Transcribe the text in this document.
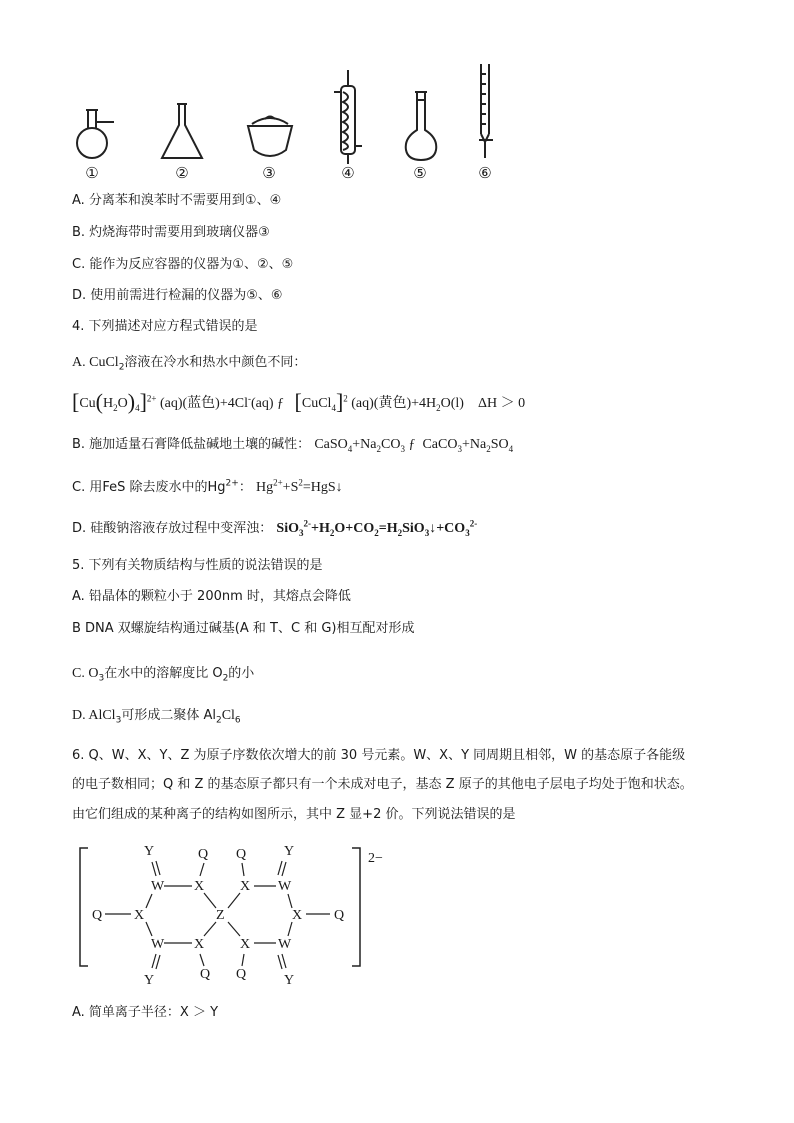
①	②	③	④	⑤	⑥
A. 分离苯和溴苯时不需要用到①、④
B. 灼烧海带时需要用到玻璃仪器③
C. 能作为反应容器的仪器为①、②、⑤
D. 使用前需进行检漏的仪器为⑤、⑥
4. 下列描述对应方程式错误的是
A. CuCl$_2$溶液在冷水和热水中颜色不同：
$[Cu(H_2O)_4]^{2+}$ (aq)(蓝色)+4Cl-(aq) ƒ [CuCl$_4$]$^2$ (aq)(黄色)$+4H_2O(l)$ ΔH ＞ 0
B. 施加适量石膏降低盐碱地土壤的碱性： $CaSO_4+Na_2CO_3$ ƒ $CaCO_3+Na_2SO_4$
C. 用FeS 除去废水中的$Hg^{2+}$： $Hg^{2+}+S^2=HgS↓$
D. 硅酸钠溶液存放过程中变浑浊： $SiO_3^{2-}+H_2O+CO_2=H_2SiO_3↓+CO_3^{2-}$
5. 下列有关物质结构与性质的说法错误的是
A. 铅晶体的颗粒小于 200nm 时，其熔点会降低
B DNA 双螺旋结构通过碱基(A 和 T、C 和 G)相互配对形成
C. $O_3$在水中的溶解度比 $O_2$的小
D. AlCl$_3$可形成二聚体 $Al_2Cl_6$
6. Q、W、X、Y、Z 为原子序数依次增大的前 30 号元素。W、X、Y 同周期且相邻，W 的基态原子各能级
的电子数相同；Q 和 Z 的基态原子都只有一个未成对电子，基态 Z 原子的其他电子层电子均处于饱和状态。
由它们组成的某种离子的结构如图所示，其中 Z 显+2 价。下列说法错误的是
Y	Q Q	Y
W X	X W
Q X	Z	X Q
W X	X W
Q Q
Y	Y
2−
A. 简单离子半径：X ＞ Y
